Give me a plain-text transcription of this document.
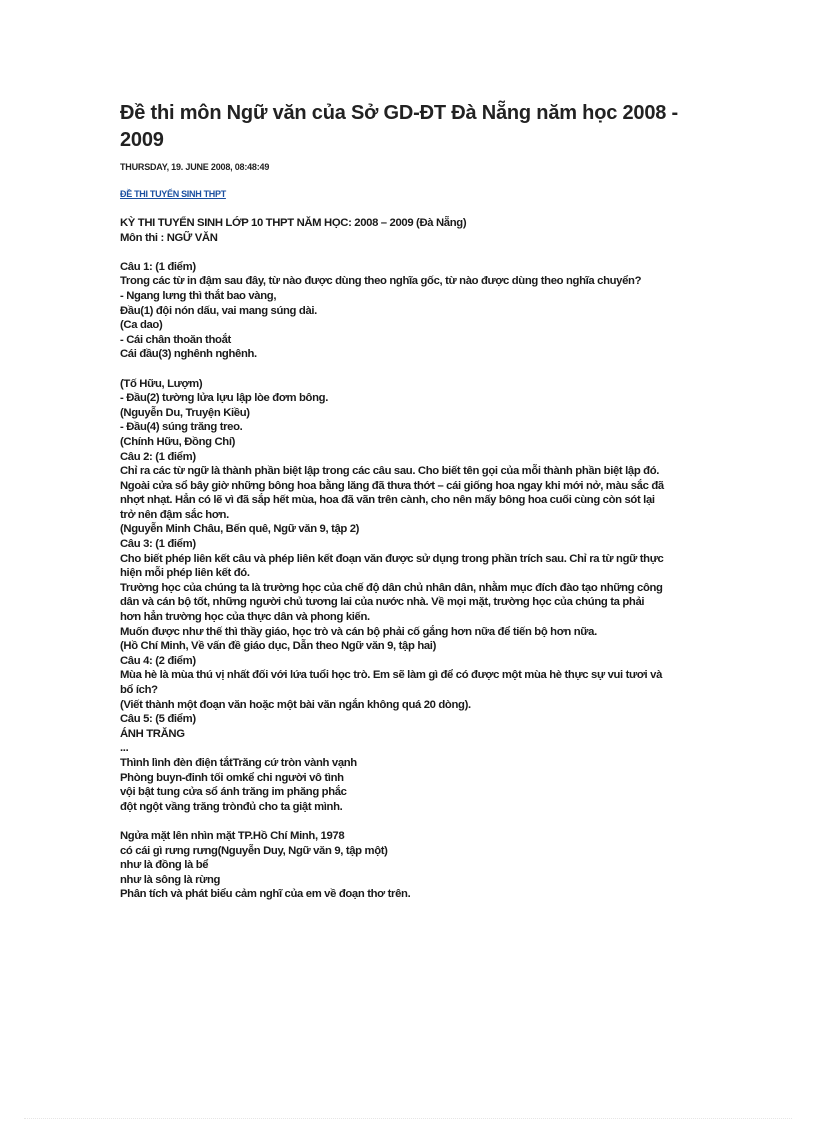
Đề thi môn Ngữ văn của Sở GD-ĐT Đà Nẵng năm học 2008 - 2009
THURSDAY, 19. JUNE 2008, 08:48:49
ĐỀ THI TUYỂN SINH THPT
KỲ THI TUYỂN SINH LỚP 10 THPT NĂM HỌC: 2008 – 2009 (Đà Nẵng)
Môn thi : NGỮ VĂN
Câu 1: (1 điểm)
Trong các từ in đậm sau đây, từ nào được dùng theo nghĩa gốc, từ nào được dùng theo nghĩa chuyển?
- Ngang lưng thì thắt bao vàng,
Đầu(1) đội nón dấu, vai mang súng dài.
(Ca dao)
- Cái chân thoăn thoắt
Cái đầu(3) nghênh nghênh.
(Tố Hữu, Lượm)
- Đầu(2) tường lửa lựu lập lòe đơm bông.
(Nguyễn Du, Truyện Kiều)
- Đầu(4) súng trăng treo.
(Chính Hữu, Đồng Chí)
Câu 2: (1 điểm)
Chỉ ra các từ ngữ là thành phần biệt lập trong các câu sau. Cho biết tên gọi của mỗi thành phần biệt lập đó.
Ngoài cửa sổ bây giờ những bông hoa bằng lăng đã thưa thớt – cái giống hoa ngay khi mới nở, màu sắc đã
nhợt nhạt. Hẳn có lẽ vì đã sắp hết mùa, hoa đã vãn trên cành, cho nên mấy bông hoa cuối cùng còn sót lại
trở nên đậm sắc hơn.
(Nguyễn Minh Châu, Bến quê, Ngữ văn 9, tập 2)
Câu 3: (1 điểm)
Cho biết phép liên kết câu và phép liên kết đoạn văn được sử dụng trong phần trích sau. Chỉ ra từ ngữ thực
hiện mỗi phép liên kết đó.
Trường học của chúng ta là trường học của chế độ dân chủ nhân dân, nhằm mục đích đào tạo những công
dân và cán bộ tốt, những người chủ tương lai của nước nhà. Về mọi mặt, trường học của chúng ta phải
hơn hẳn trường học của thực dân và phong kiến.
Muốn được như thế thì thầy giáo, học trò và cán bộ phải cố gắng hơn nữa để tiến bộ hơn nữa.
(Hồ Chí Minh, Về vấn đề giáo dục, Dẫn theo Ngữ văn 9, tập hai)
Câu 4: (2 điểm)
Mùa hè là mùa thú vị nhất đối với lứa tuổi học trò. Em sẽ làm gì để có được một mùa hè thực sự vui tươi và
bổ ích?
(Viết thành một đoạn văn hoặc một bài văn ngắn không quá 20 dòng).
Câu 5: (5 điểm)
ÁNH TRĂNG
...
Thình lình đèn điện tắtTrăng cứ tròn vành vạnh
Phòng buyn-đinh tối omkể chi người vô tình
vội bật tung cửa sổ ánh trăng im phăng phắc
đột ngột vầng trăng trònđủ cho ta giật mình.
Ngửa mặt lên nhìn mặt TP.Hồ Chí Minh, 1978
có cái gì rưng rưng(Nguyễn Duy, Ngữ văn 9, tập một)
như là đồng là bể
như là sông là rừng
Phân tích và phát biểu cảm nghĩ của em về đoạn thơ trên.
